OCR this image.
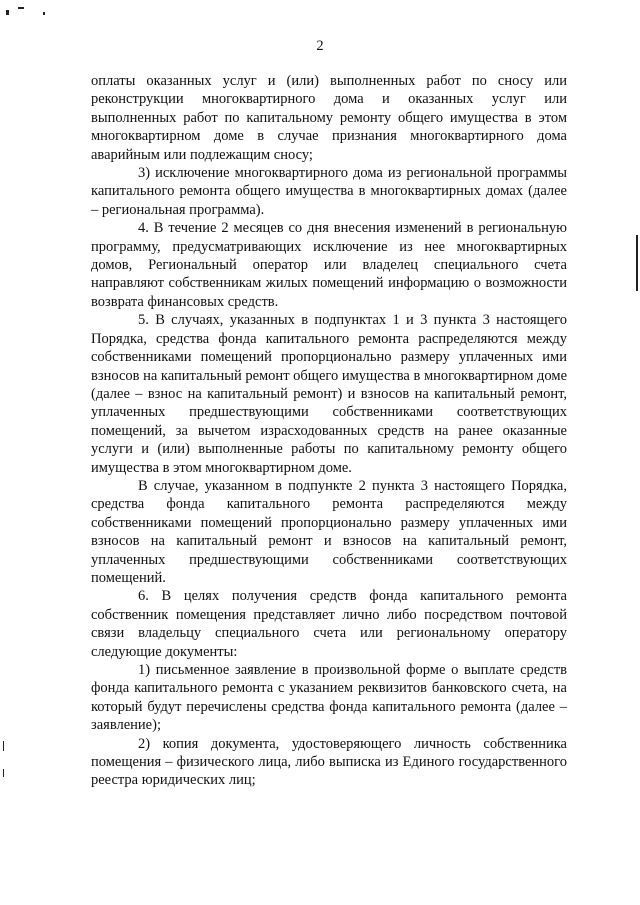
2

оплаты оказанных услуг и (или) выполненных работ по сносу или реконструкции многоквартирного дома и оказанных услуг или выполненных работ по капитальному ремонту общего имущества в этом многоквартирном доме в случае признания многоквартирного дома аварийным или подлежащим сносу;

3) исключение многоквартирного дома из региональной программы капитального ремонта общего имущества в многоквартирных домах (далее – региональная программа).

4. В течение 2 месяцев со дня внесения изменений в региональную программу, предусматривающих исключение из нее многоквартирных домов, Региональный оператор или владелец специального счета направляют собственникам жилых помещений информацию о возможности возврата финансовых средств.

5. В случаях, указанных в подпунктах 1 и 3 пункта 3 настоящего Порядка, средства фонда капитального ремонта распределяются между собственниками помещений пропорционально размеру уплаченных ими взносов на капитальный ремонт общего имущества в многоквартирном доме (далее – взнос на капитальный ремонт) и взносов на капитальный ремонт, уплаченных предшествующими собственниками соответствующих помещений, за вычетом израсходованных средств на ранее оказанные услуги и (или) выполненные работы по капитальному ремонту общего имущества в этом многоквартирном доме.

В случае, указанном в подпункте 2 пункта 3 настоящего Порядка, средства фонда капитального ремонта распределяются между собственниками помещений пропорционально размеру уплаченных ими взносов на капитальный ремонт и взносов на капитальный ремонт, уплаченных предшествующими собственниками соответствующих помещений.

6. В целях получения средств фонда капитального ремонта собственник помещения представляет лично либо посредством почтовой связи владельцу специального счета или региональному оператору следующие документы:

1) письменное заявление в произвольной форме о выплате средств фонда капитального ремонта с указанием реквизитов банковского счета, на который будут перечислены средства фонда капитального ремонта (далее – заявление);

2) копия документа, удостоверяющего личность собственника помещения – физического лица, либо выписка из Единого государственного реестра юридических лиц;
